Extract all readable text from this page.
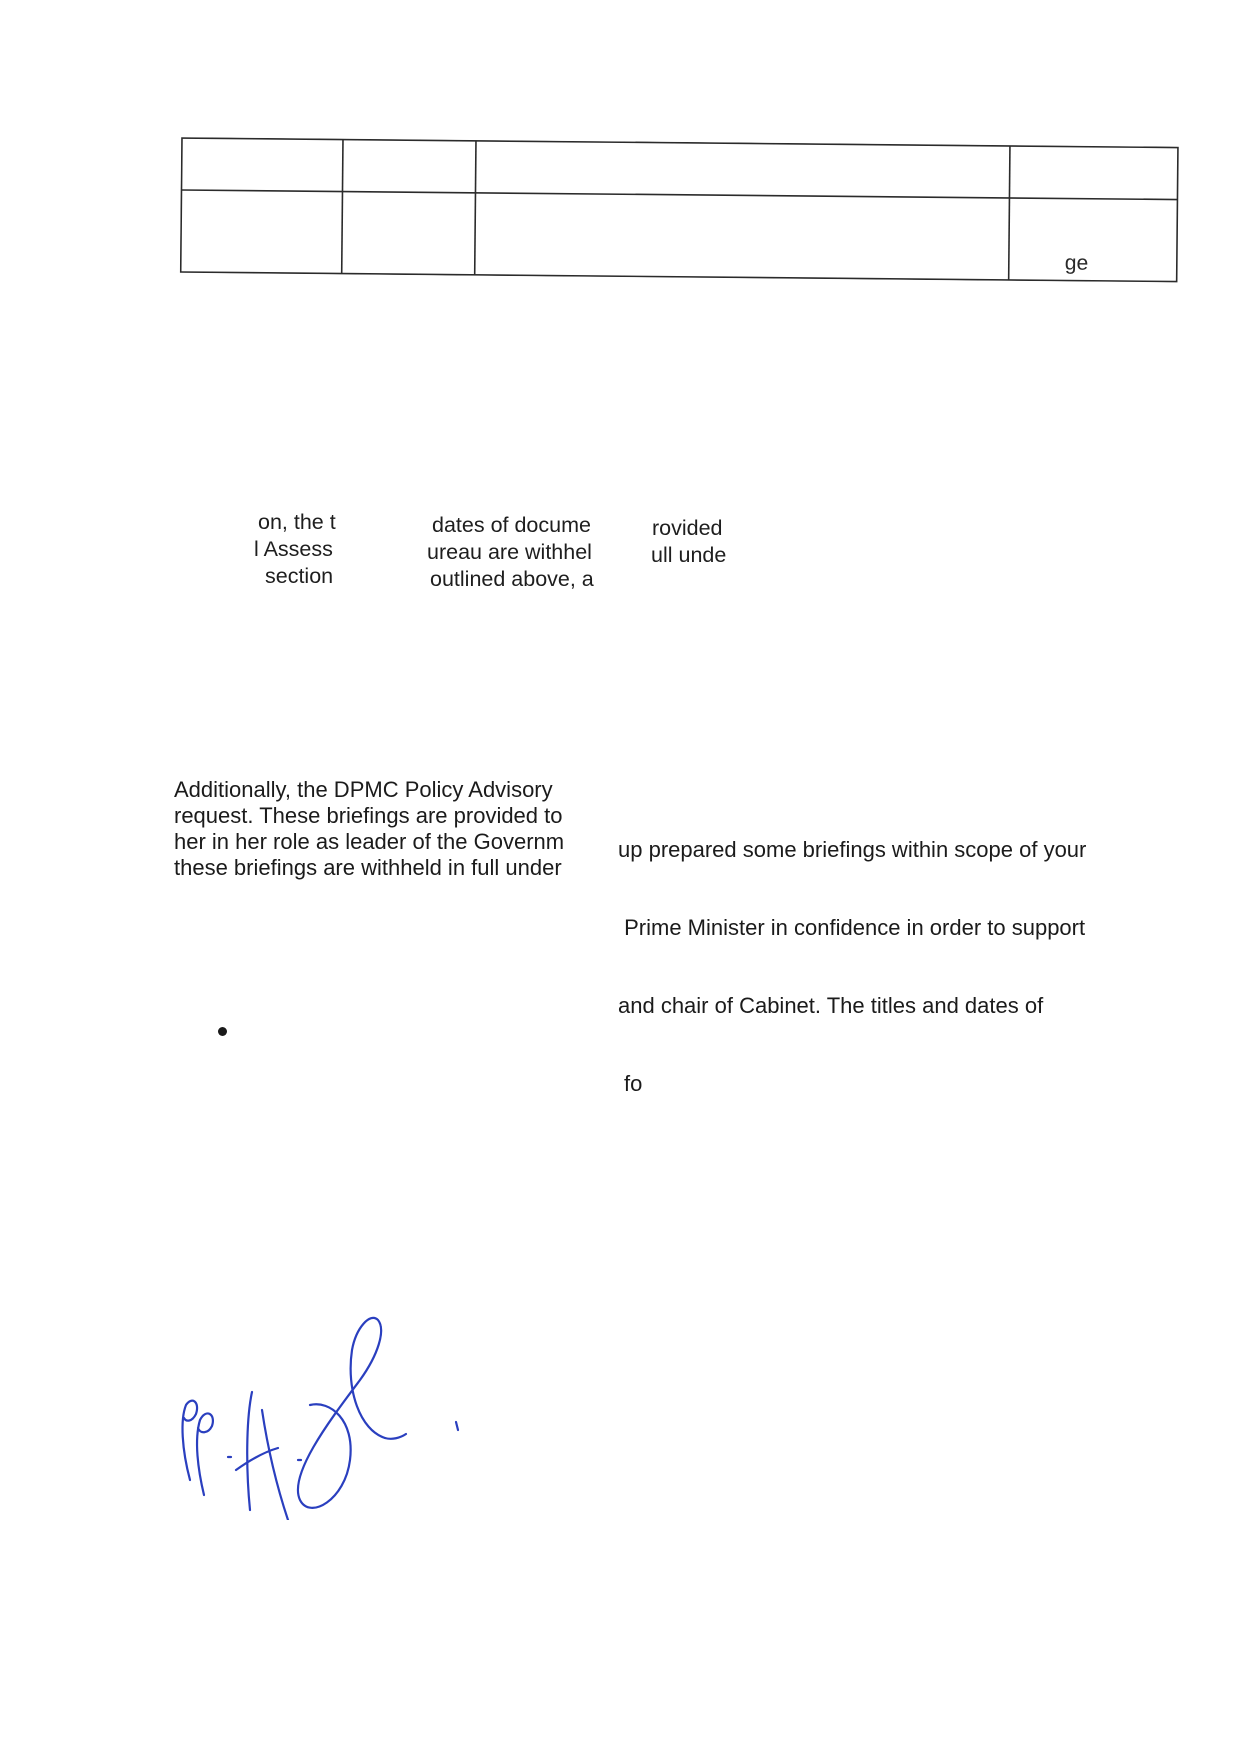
ge
on, the t
l Assess
section
dates of docume
ureau are withhel
outlined above, a
rovided
ull unde
Additionally, the DPMC Policy Advisory
request. These briefings are provided to
her in her role as leader of the Governm
these briefings are withheld in full under

up prepared some briefings within scope of your

Prime Minister in confidence in order to support

and chair of Cabinet. The titles and dates of

fo
